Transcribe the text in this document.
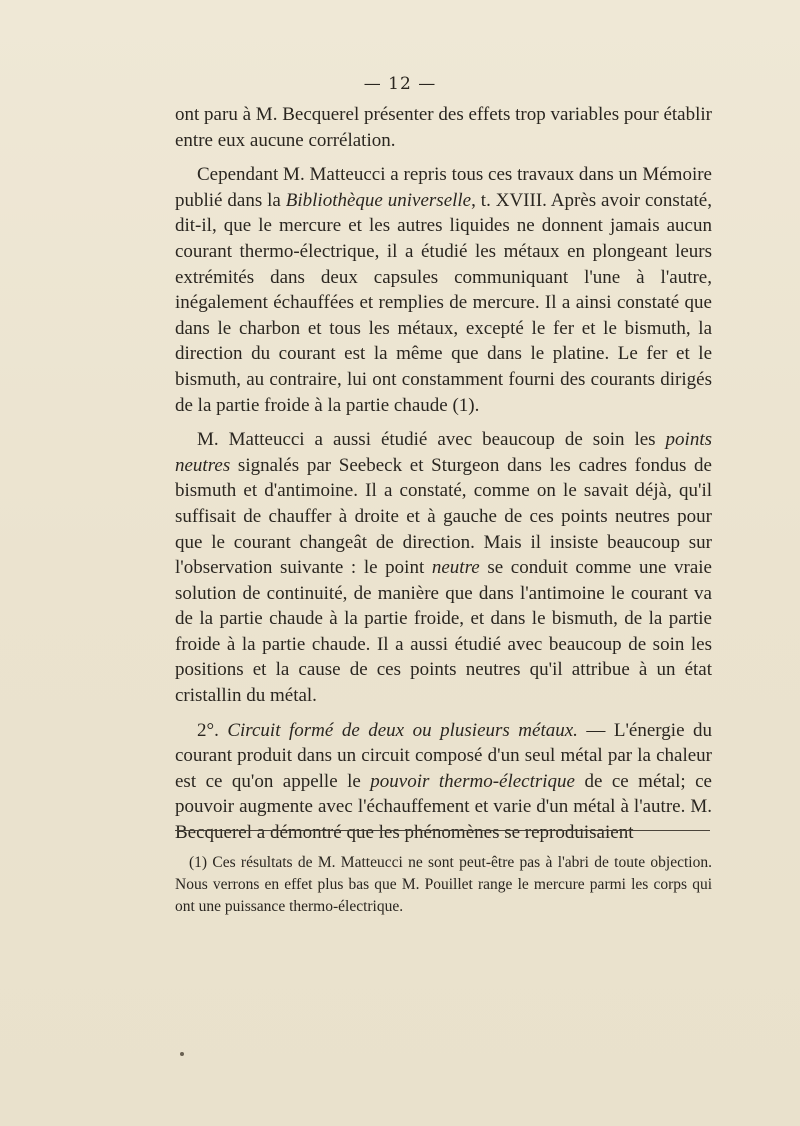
— 12 —

ont paru à M. Becquerel présenter des effets trop variables pour établir entre eux aucune corrélation.

Cependant M. Matteucci a repris tous ces travaux dans un Mémoire publié dans la Bibliothèque universelle, t. XVIII. Après avoir constaté, dit-il, que le mercure et les autres liquides ne donnent jamais aucun courant thermo-électrique, il a étudié les métaux en plongeant leurs extrémités dans deux capsules communiquant l'une à l'autre, inégalement échauffées et remplies de mercure. Il a ainsi constaté que dans le charbon et tous les métaux, excepté le fer et le bismuth, la direction du courant est la même que dans le platine. Le fer et le bismuth, au contraire, lui ont constamment fourni des courants dirigés de la partie froide à la partie chaude (1).

M. Matteucci a aussi étudié avec beaucoup de soin les points neutres signalés par Seebeck et Sturgeon dans les cadres fondus de bismuth et d'antimoine. Il a constaté, comme on le savait déjà, qu'il suffisait de chauffer à droite et à gauche de ces points neutres pour que le courant changeât de direction. Mais il insiste beaucoup sur l'observation suivante : le point neutre se conduit comme une vraie solution de continuité, de manière que dans l'antimoine le courant va de la partie chaude à la partie froide, et dans le bismuth, de la partie froide à la partie chaude. Il a aussi étudié avec beaucoup de soin les positions et la cause de ces points neutres qu'il attribue à un état cristallin du métal.

2°. Circuit formé de deux ou plusieurs métaux. — L'énergie du courant produit dans un circuit composé d'un seul métal par la chaleur est ce qu'on appelle le pouvoir thermo-électrique de ce métal; ce pouvoir augmente avec l'échauffement et varie d'un métal à l'autre. M. Becquerel a démontré que les phénomènes se reproduisaient

(1) Ces résultats de M. Matteucci ne sont peut-être pas à l'abri de toute objection. Nous verrons en effet plus bas que M. Pouillet range le mercure parmi les corps qui ont une puissance thermo-électrique.
